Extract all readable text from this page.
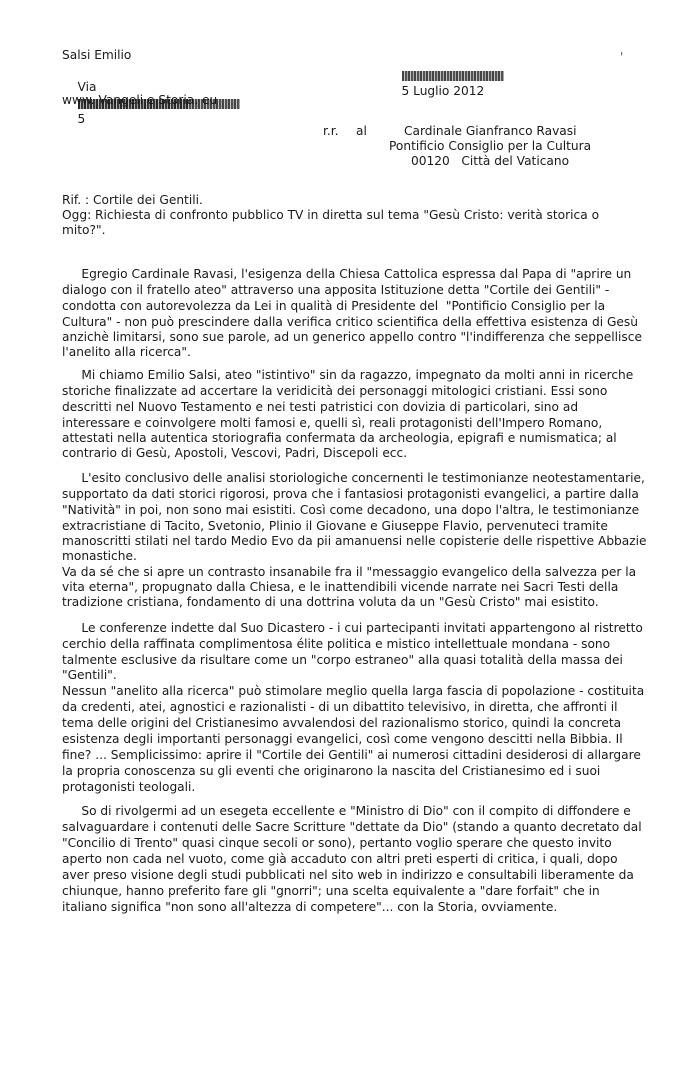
Salsi Emilio

Via

5

www. Vangeli e Storia. eu

5 Luglio 2012

'
r.r. al	Cardinale Gianfranco Ravasi
Pontificio Consiglio per la Cultura
00120   Città del Vaticano
Rif. : Cortile dei Gentili.
Ogg: Richiesta di confronto pubblico TV in diretta sul tema "Gesù Cristo: verità storica o
mito?".
Egregio Cardinale Ravasi, l'esigenza della Chiesa Cattolica espressa dal Papa di "aprire un
dialogo con il fratello ateo" attraverso una apposita Istituzione detta "Cortile dei Gentili" -
condotta con autorevolezza da Lei in qualità di Presidente del  "Pontificio Consiglio per la
Cultura" - non può prescindere dalla verifica critico scientifica della effettiva esistenza di Gesù
anzichè limitarsi, sono sue parole, ad un generico appello contro "l'indifferenza che seppellisce
l'anelito alla ricerca".
Mi chiamo Emilio Salsi, ateo "istintivo" sin da ragazzo, impegnato da molti anni in ricerche
storiche finalizzate ad accertare la veridicità dei personaggi mitologici cristiani. Essi sono
descritti nel Nuovo Testamento e nei testi patristici con dovizia di particolari, sino ad
interessare e coinvolgere molti famosi e, quelli sì, reali protagonisti dell'Impero Romano,
attestati nella autentica storiografia confermata da archeologia, epigrafi e numismatica; al
contrario di Gesù, Apostoli, Vescovi, Padri, Discepoli ecc.
L'esito conclusivo delle analisi storiologiche concernenti le testimonianze neotestamentarie,
supportato da dati storici rigorosi, prova che i fantasiosi protagonisti evangelici, a partire dalla
"Natività" in poi, non sono mai esistiti. Così come decadono, una dopo l'altra, le testimonianze
extracristiane di Tacito, Svetonio, Plinio il Giovane e Giuseppe Flavio, pervenuteci tramite
manoscritti stilati nel tardo Medio Evo da pii amanuensi nelle copisterie delle rispettive Abbazie
monastiche.
Va da sé che si apre un contrasto insanabile fra il "messaggio evangelico della salvezza per la
vita eterna", propugnato dalla Chiesa, e le inattendibili vicende narrate nei Sacri Testi della
tradizione cristiana, fondamento di una dottrina voluta da un "Gesù Cristo" mai esistito.
Le conferenze indette dal Suo Dicastero - i cui partecipanti invitati appartengono al ristretto
cerchio della raffinata complimentosa élite politica e mistico intellettuale mondana - sono
talmente esclusive da risultare come un "corpo estraneo" alla quasi totalità della massa dei
"Gentili".
Nessun "anelito alla ricerca" può stimolare meglio quella larga fascia di popolazione - costituita
da credenti, atei, agnostici e razionalisti - di un dibattito televisivo, in diretta, che affronti il
tema delle origini del Cristianesimo avvalendosi del razionalismo storico, quindi la concreta
esistenza degli importanti personaggi evangelici, così come vengono descitti nella Bibbia. Il
fine? ... Semplicissimo: aprire il "Cortile dei Gentili" ai numerosi cittadini desiderosi di allargare
la propria conoscenza su gli eventi che originarono la nascita del Cristianesimo ed i suoi
protagonisti teologali.
So di rivolgermi ad un esegeta eccellente e "Ministro di Dio" con il compito di diffondere e
salvaguardare i contenuti delle Sacre Scritture "dettate da Dio" (stando a quanto decretato dal
"Concilio di Trento" quasi cinque secoli or sono), pertanto voglio sperare che questo invito
aperto non cada nel vuoto, come già accaduto con altri preti esperti di critica, i quali, dopo
aver preso visione degli studi pubblicati nel sito web in indirizzo e consultabili liberamente da
chiunque, hanno preferito fare gli "gnorri"; una scelta equivalente a "dare forfait" che in
italiano significa "non sono all'altezza di competere"... con la Storia, ovviamente.
